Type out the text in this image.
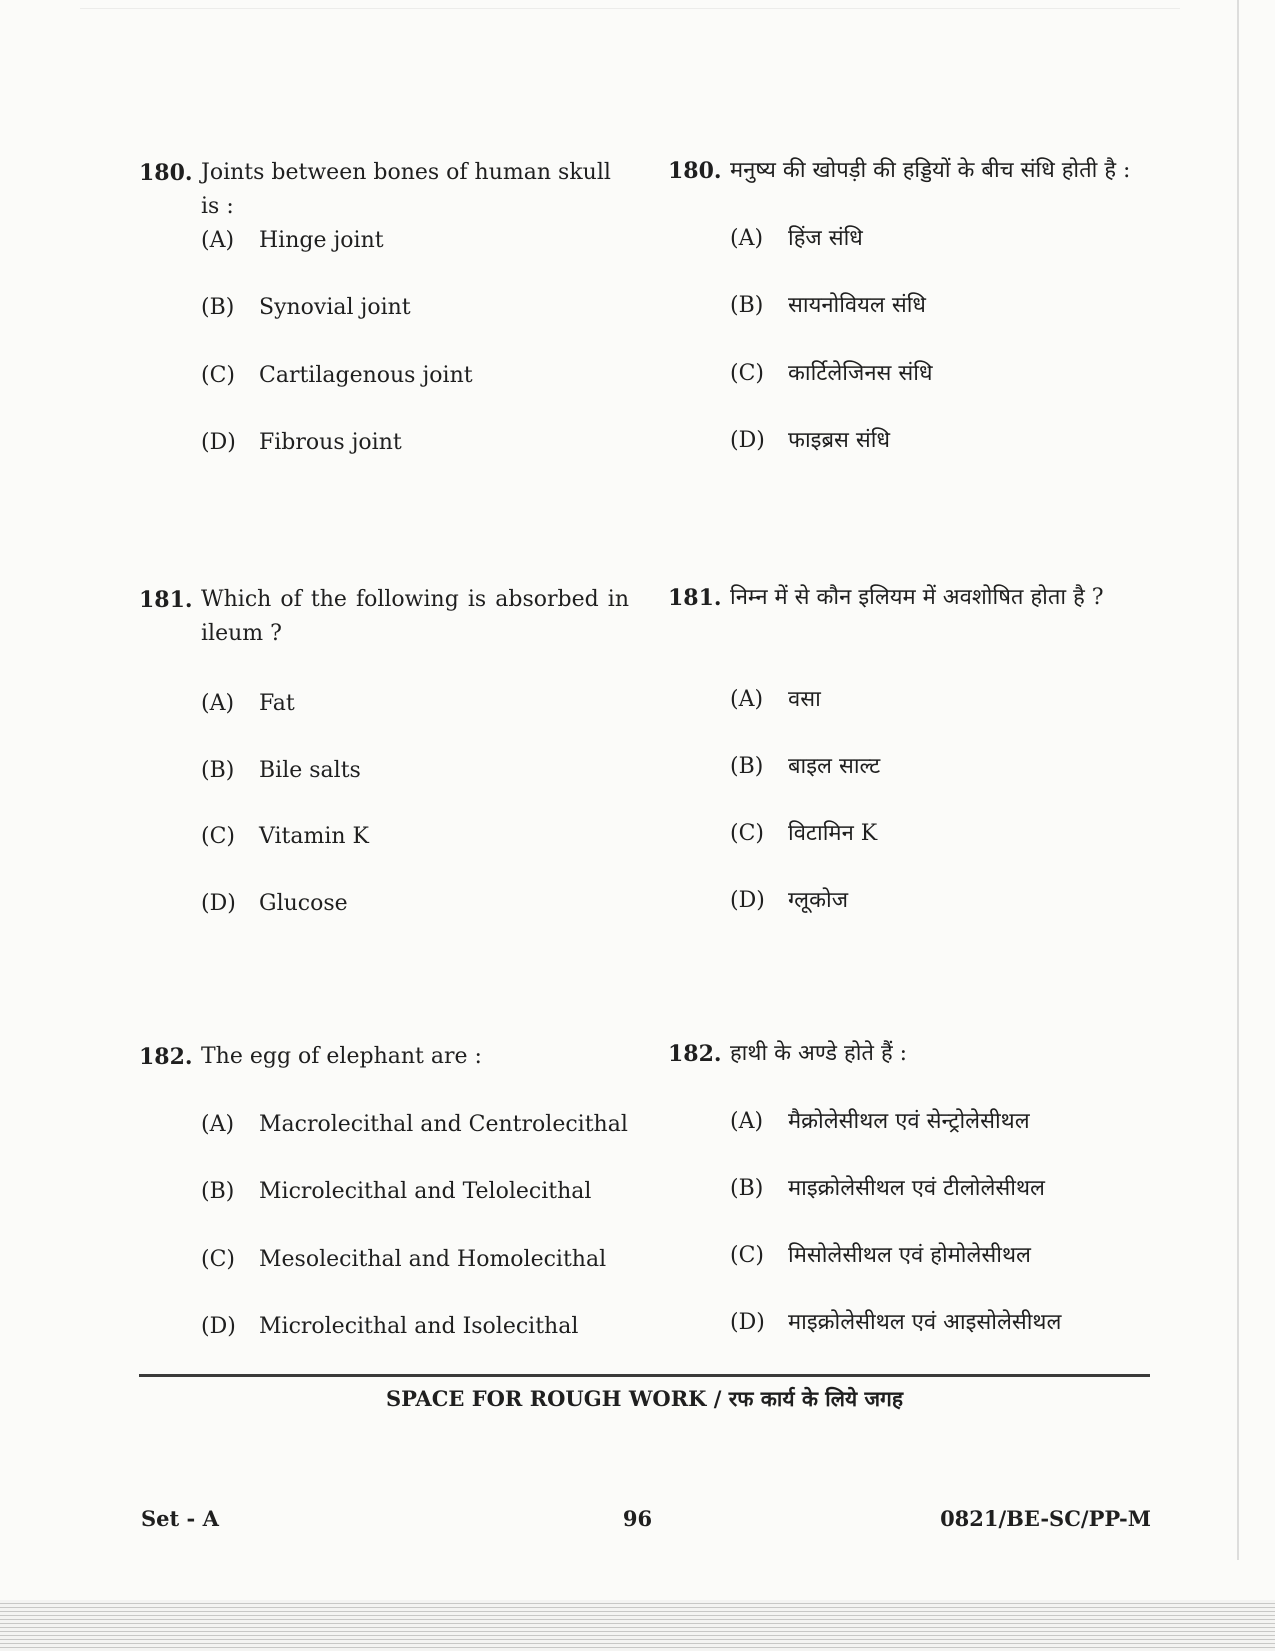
180. Joints between bones of human skull is :
(A) Hinge joint
(B) Synovial joint
(C) Cartilagenous joint
(D) Fibrous joint
181. Which of the following is absorbed in ileum ?
(A) Fat
(B) Bile salts
(C) Vitamin K
(D) Glucose
182. The egg of elephant are :
(A) Macrolecithal and Centrolecithal
(B) Microlecithal and Telolecithal
(C) Mesolecithal and Homolecithal
(D) Microlecithal and Isolecithal
180. मनुष्य की खोपड़ी की हड्डियों के बीच संधि होती है :
(A) हिंज संधि
(B) सायनोवियल संधि
(C) कार्टिलेजिनस संधि
(D) फाइब्रस संधि
181. निम्न में से कौन इलियम में अवशोषित होता है ?
(A) वसा
(B) बाइल साल्ट
(C) विटामिन K
(D) ग्लूकोज
182. हाथी के अण्डे होते हैं :
(A) मैक्रोलेसीथल एवं सेन्ट्रोलेसीथल
(B) माइक्रोलेसीथल एवं टीलोलेसीथल
(C) मिसोलेसीथल एवं होमोलेसीथल
(D) माइक्रोलेसीथल एवं आइसोलेसीथल
SPACE FOR ROUGH WORK / रफ कार्य के लिये जगह
Set - A	96	0821/BE-SC/PP-M
